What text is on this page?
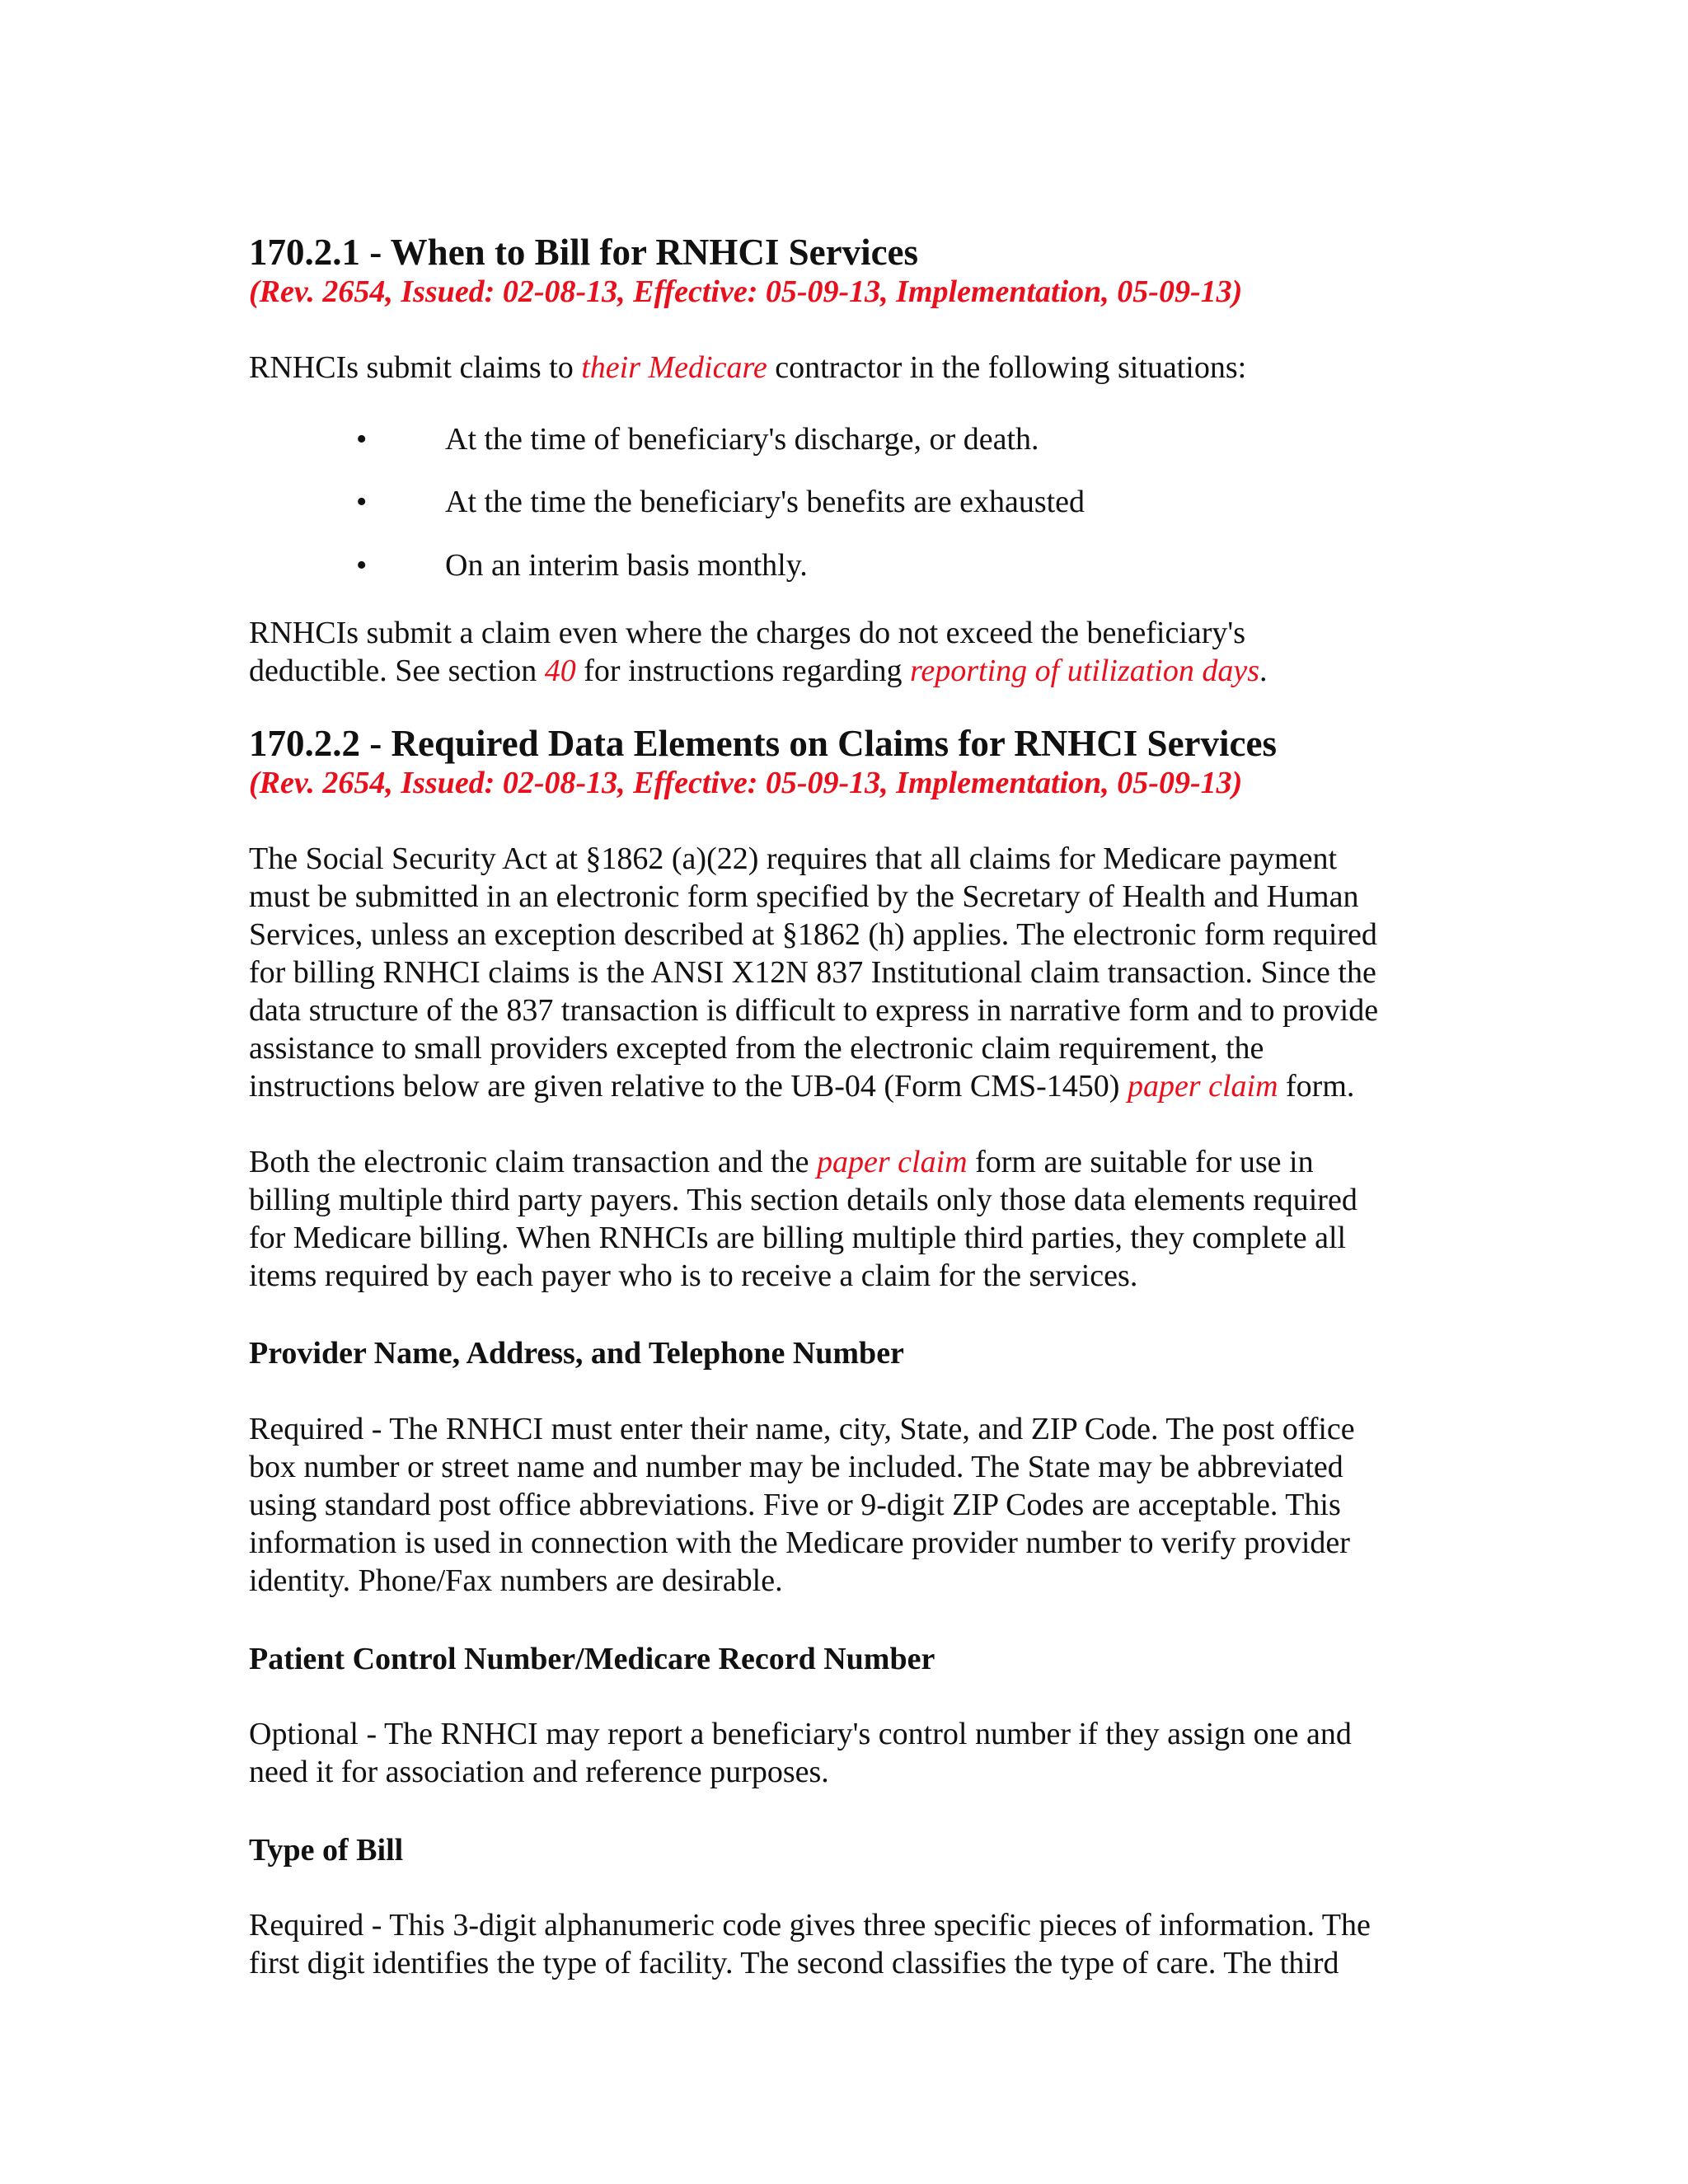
170.2.1 - When to Bill for RNHCI Services
(Rev. 2654, Issued: 02-08-13, Effective: 05-09-13, Implementation, 05-09-13)

RNHCIs submit claims to their Medicare contractor in the following situations:

•	At the time of beneficiary's discharge, or death.
•	At the time the beneficiary's benefits are exhausted
•	On an interim basis monthly.

RNHCIs submit a claim even where the charges do not exceed the beneficiary's
deductible. See section 40 for instructions regarding reporting of utilization days.

170.2.2 - Required Data Elements on Claims for RNHCI Services
(Rev. 2654, Issued: 02-08-13, Effective: 05-09-13, Implementation, 05-09-13)

The Social Security Act at §1862 (a)(22) requires that all claims for Medicare payment
must be submitted in an electronic form specified by the Secretary of Health and Human
Services, unless an exception described at §1862 (h) applies. The electronic form required
for billing RNHCI claims is the ANSI X12N 837 Institutional claim transaction. Since the
data structure of the 837 transaction is difficult to express in narrative form and to provide
assistance to small providers excepted from the electronic claim requirement, the
instructions below are given relative to the UB-04 (Form CMS-1450) paper claim form.

Both the electronic claim transaction and the paper claim form are suitable for use in
billing multiple third party payers. This section details only those data elements required
for Medicare billing. When RNHCIs are billing multiple third parties, they complete all
items required by each payer who is to receive a claim for the services.

Provider Name, Address, and Telephone Number

Required - The RNHCI must enter their name, city, State, and ZIP Code. The post office
box number or street name and number may be included. The State may be abbreviated
using standard post office abbreviations. Five or 9-digit ZIP Codes are acceptable. This
information is used in connection with the Medicare provider number to verify provider
identity. Phone/Fax numbers are desirable.

Patient Control Number/Medicare Record Number

Optional - The RNHCI may report a beneficiary's control number if they assign one and
need it for association and reference purposes.

Type of Bill

Required - This 3-digit alphanumeric code gives three specific pieces of information. The
first digit identifies the type of facility. The second classifies the type of care. The third
